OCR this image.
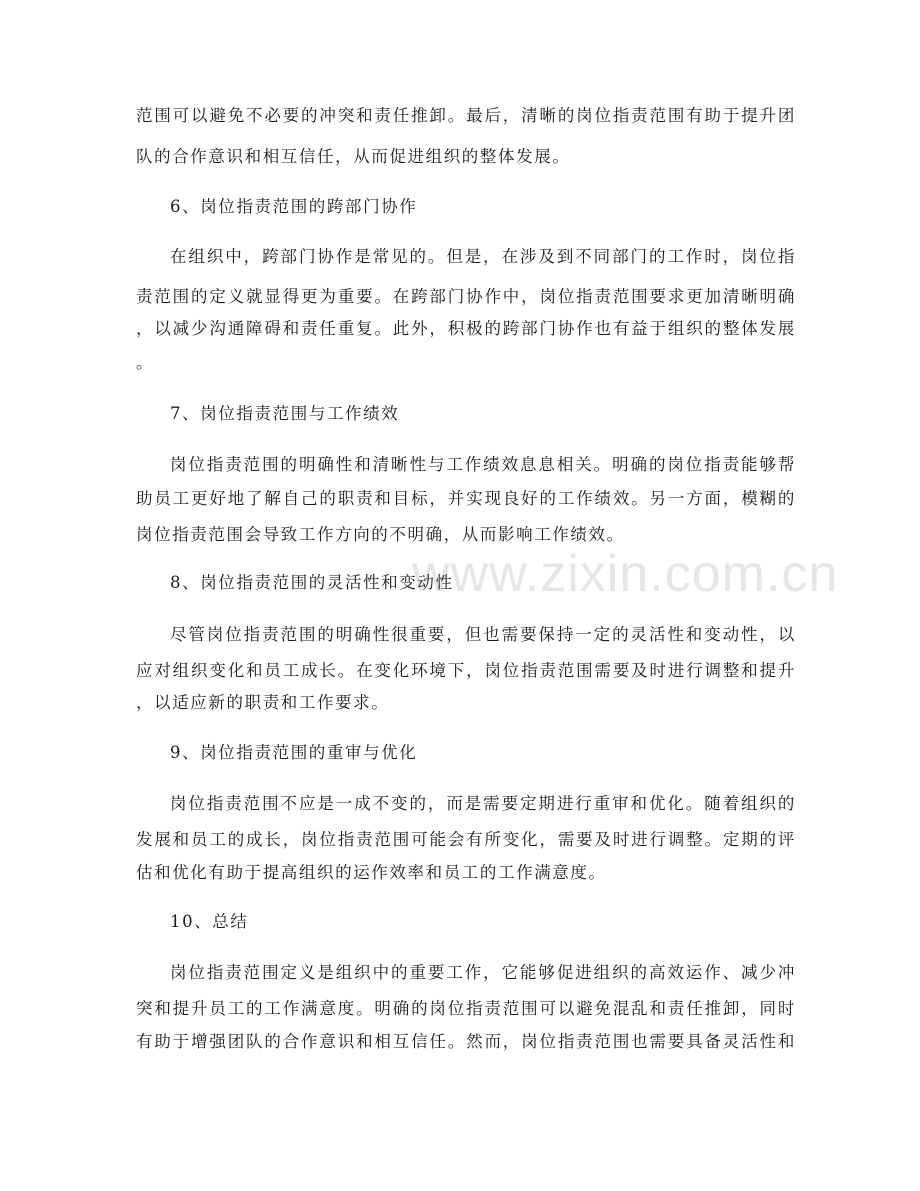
www.zixin.com.cn
范围可以避免不必要的冲突和责任推卸。最后，清晰的岗位指责范围有助于提升团
队的合作意识和相互信任，从而促进组织的整体发展。
6、岗位指责范围的跨部门协作
在组织中，跨部门协作是常见的。但是，在涉及到不同部门的工作时，岗位指
责范围的定义就显得更为重要。在跨部门协作中，岗位指责范围要求更加清晰明确
，以减少沟通障碍和责任重复。此外，积极的跨部门协作也有益于组织的整体发展
。
7、岗位指责范围与工作绩效
岗位指责范围的明确性和清晰性与工作绩效息息相关。明确的岗位指责能够帮
助员工更好地了解自己的职责和目标，并实现良好的工作绩效。另一方面，模糊的
岗位指责范围会导致工作方向的不明确，从而影响工作绩效。
8、岗位指责范围的灵活性和变动性
尽管岗位指责范围的明确性很重要，但也需要保持一定的灵活性和变动性，以
应对组织变化和员工成长。在变化环境下，岗位指责范围需要及时进行调整和提升
，以适应新的职责和工作要求。
9、岗位指责范围的重审与优化
岗位指责范围不应是一成不变的，而是需要定期进行重审和优化。随着组织的
发展和员工的成长，岗位指责范围可能会有所变化，需要及时进行调整。定期的评
估和优化有助于提高组织的运作效率和员工的工作满意度。
10、总结
岗位指责范围定义是组织中的重要工作，它能够促进组织的高效运作、减少冲
突和提升员工的工作满意度。明确的岗位指责范围可以避免混乱和责任推卸，同时
有助于增强团队的合作意识和相互信任。然而，岗位指责范围也需要具备灵活性和
